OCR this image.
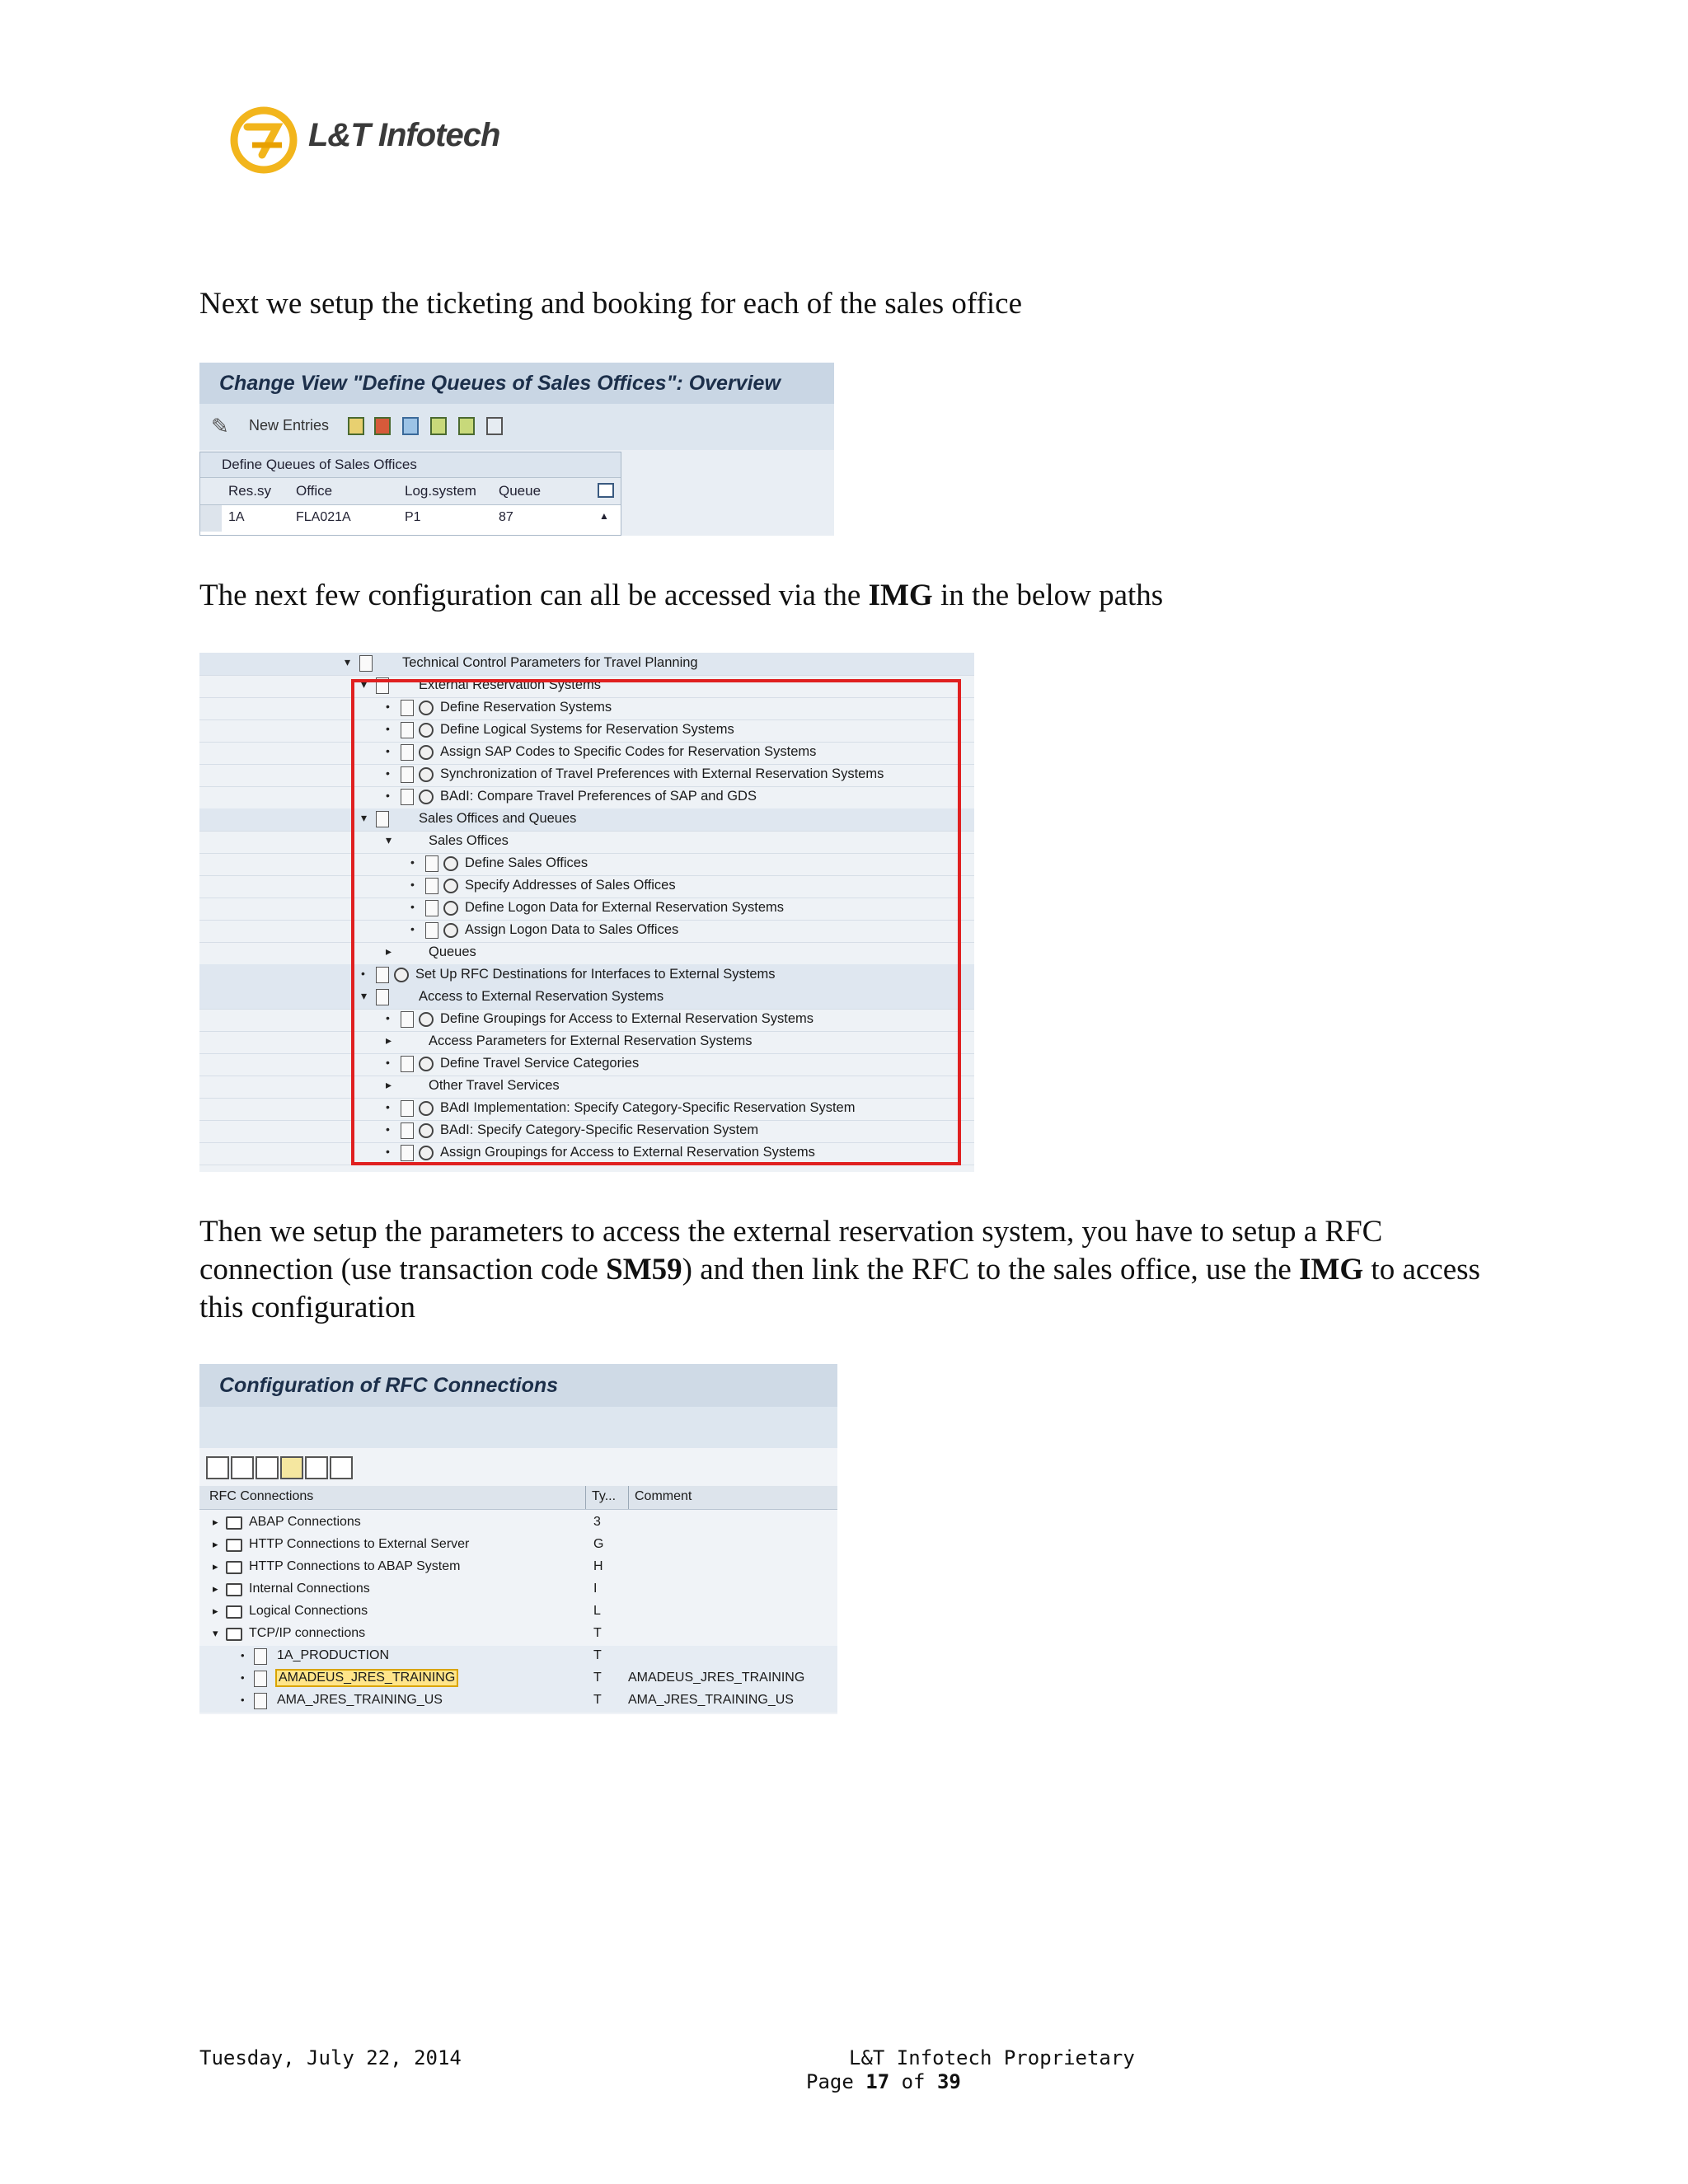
L&T Infotech
Next we setup the ticketing and booking for each of the sales office
Change View "Define Queues of Sales Offices": Overview
✎ New Entries
Define Queues of Sales Offices
Res.sy Office	Log.system Queue
1A	FLA021A	P1	87	▲
The next few configuration can all be accessed via the IMG in the below paths
▾	Technical Control Parameters for Travel Planning
▾	External Reservation Systems
•	Define Reservation Systems
•	Define Logical Systems for Reservation Systems
•	Assign SAP Codes to Specific Codes for Reservation Systems
•	Synchronization of Travel Preferences with External Reservation Systems
•	BAdI: Compare Travel Preferences of SAP and GDS
▾	Sales Offices and Queues
▾	Sales Offices
•	Define Sales Offices
•	Specify Addresses of Sales Offices
•	Define Logon Data for External Reservation Systems
•	Assign Logon Data to Sales Offices
▸	Queues
•	Set Up RFC Destinations for Interfaces to External Systems
▾	Access to External Reservation Systems
•	Define Groupings for Access to External Reservation Systems
▸	Access Parameters for External Reservation Systems
•	Define Travel Service Categories
▸	Other Travel Services
•	BAdI Implementation: Specify Category-Specific Reservation System
•	BAdI: Specify Category-Specific Reservation System
•	Assign Groupings for Access to External Reservation Systems
Then we setup the parameters to access the external reservation system, you have to setup a RFC connection (use transaction code SM59) and then link the RFC to the sales office, use the IMG to access this configuration
Configuration of RFC Connections
RFC Connections	Ty... Comment
▸ ABAP Connections	3
▸ HTTP Connections to External Server	G
▸ HTTP Connections to ABAP System	H
▸ Internal Connections	I
▸ Logical Connections	L
▾ TCP/IP connections	T
• 1A_PRODUCTION	T
•	AMADEUS_JRES_TRAINING	T AMADEUS_JRES_TRAINING
• AMA_JRES_TRAINING_US	T AMA_JRES_TRAINING_US
Tuesday, July 22, 2014	L&T Infotech Proprietary
Page 17 of 39
